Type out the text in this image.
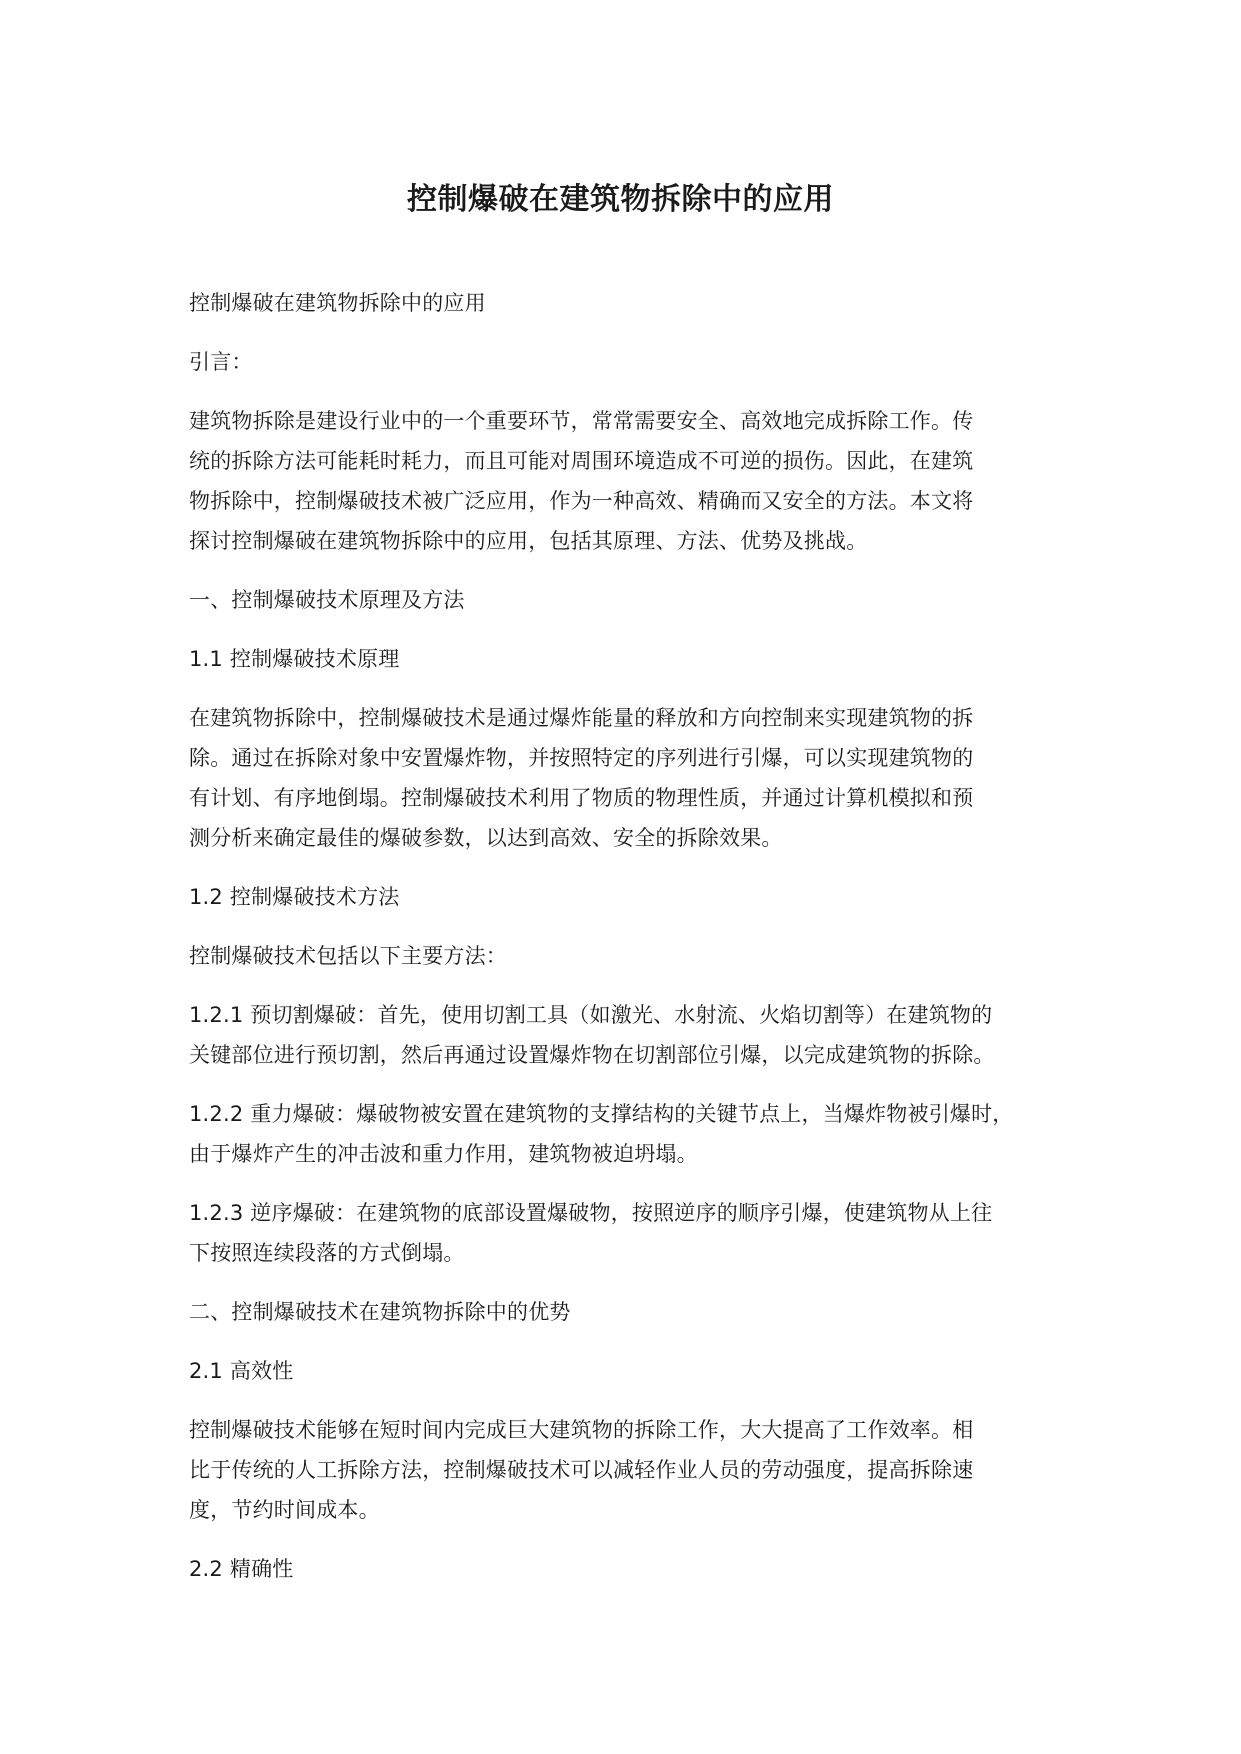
控制爆破在建筑物拆除中的应用

控制爆破在建筑物拆除中的应用

引言：

建筑物拆除是建设行业中的一个重要环节，常常需要安全、高效地完成拆除工作。传
统的拆除方法可能耗时耗力，而且可能对周围环境造成不可逆的损伤。因此，在建筑
物拆除中，控制爆破技术被广泛应用，作为一种高效、精确而又安全的方法。本文将
探讨控制爆破在建筑物拆除中的应用，包括其原理、方法、优势及挑战。

一、控制爆破技术原理及方法

1.1 控制爆破技术原理

在建筑物拆除中，控制爆破技术是通过爆炸能量的释放和方向控制来实现建筑物的拆
除。通过在拆除对象中安置爆炸物，并按照特定的序列进行引爆，可以实现建筑物的
有计划、有序地倒塌。控制爆破技术利用了物质的物理性质，并通过计算机模拟和预
测分析来确定最佳的爆破参数，以达到高效、安全的拆除效果。

1.2 控制爆破技术方法

控制爆破技术包括以下主要方法：

1.2.1 预切割爆破：首先，使用切割工具（如激光、水射流、火焰切割等）在建筑物的
关键部位进行预切割，然后再通过设置爆炸物在切割部位引爆，以完成建筑物的拆除。

1.2.2 重力爆破：爆破物被安置在建筑物的支撑结构的关键节点上，当爆炸物被引爆时，
由于爆炸产生的冲击波和重力作用，建筑物被迫坍塌。

1.2.3 逆序爆破：在建筑物的底部设置爆破物，按照逆序的顺序引爆，使建筑物从上往
下按照连续段落的方式倒塌。

二、控制爆破技术在建筑物拆除中的优势

2.1 高效性

控制爆破技术能够在短时间内完成巨大建筑物的拆除工作，大大提高了工作效率。相
比于传统的人工拆除方法，控制爆破技术可以减轻作业人员的劳动强度，提高拆除速
度，节约时间成本。

2.2 精确性
